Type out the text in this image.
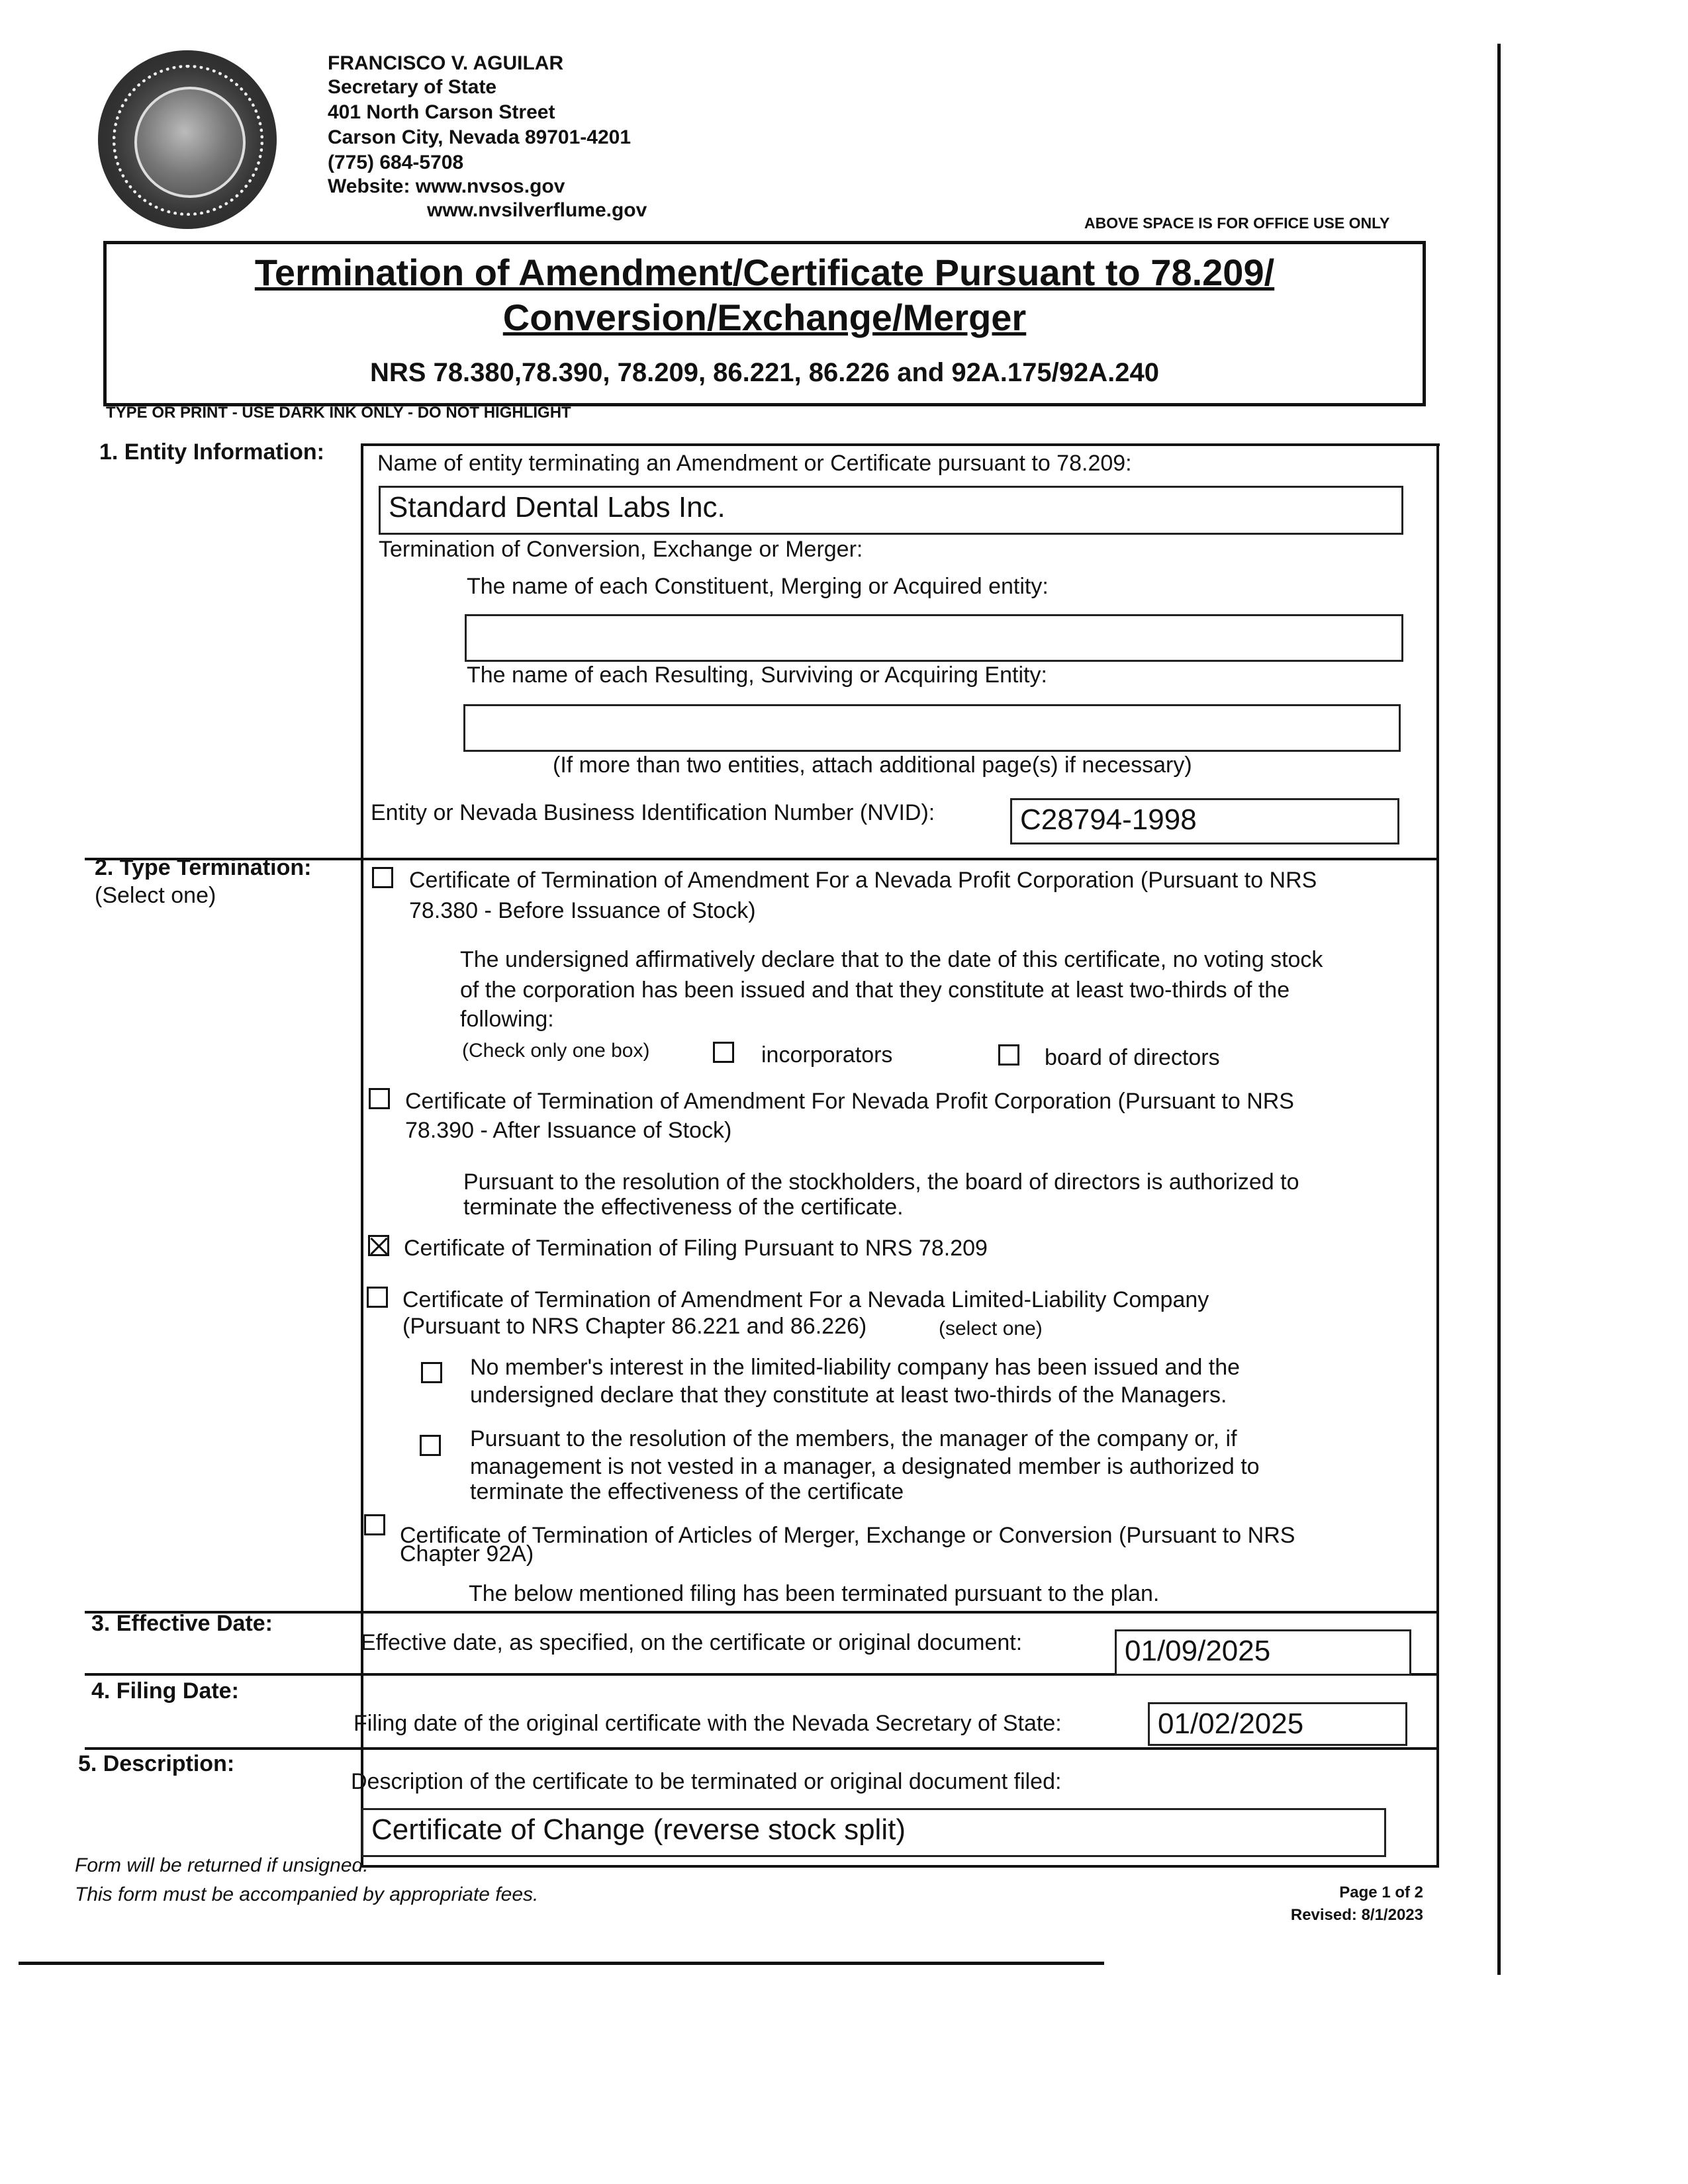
FRANCISCO V. AGUILAR
Secretary of State
401 North Carson Street
Carson City, Nevada 89701-4201
(775) 684-5708
Website: www.nvsos.gov
www.nvsilverflume.gov
ABOVE SPACE IS FOR OFFICE USE ONLY
Termination of Amendment/Certificate Pursuant to 78.209/
Conversion/Exchange/Merger
NRS 78.380,78.390, 78.209, 86.221, 86.226 and 92A.175/92A.240
TYPE OR PRINT - USE DARK INK ONLY - DO NOT HIGHLIGHT
1. Entity Information: Name of entity terminating an Amendment or Certificate pursuant to 78.209:
Standard Dental Labs Inc.
Termination of Conversion, Exchange or Merger:
The name of each Constituent, Merging or Acquired entity:
The name of each Resulting, Surviving or Acquiring Entity:
(If more than two entities, attach additional page(s) if necessary)
Entity or Nevada Business Identification Number (NVID):	C28794-1998
2. Type Termination:
(Select one)
Certificate of Termination of Amendment For a Nevada Profit Corporation (Pursuant to NRS
78.380 - Before Issuance of Stock)
The undersigned affirmatively declare that to the date of this certificate, no voting stock
of the corporation has been issued and that they constitute at least two-thirds of the
following:
(Check only one box)	incorporators	board of directors
Certificate of Termination of Amendment For Nevada Profit Corporation (Pursuant to NRS
78.390 - After Issuance of Stock)
Pursuant to the resolution of the stockholders, the board of directors is authorized to
terminate the effectiveness of the certificate.
Certificate of Termination of Filing Pursuant to NRS 78.209
Certificate of Termination of Amendment For a Nevada Limited-Liability Company
(Pursuant to NRS Chapter 86.221 and 86.226)	(select one)
No member's interest in the limited-liability company has been issued and the
undersigned declare that they constitute at least two-thirds of the Managers.
Pursuant to the resolution of the members, the manager of the company or, if
management is not vested in a manager, a designated member is authorized to
terminate the effectiveness of the certificate
Certificate of Termination of Articles of Merger, Exchange or Conversion (Pursuant to NRS
Chapter 92A)
The below mentioned filing has been terminated pursuant to the plan.
3. Effective Date:
Effective date, as specified, on the certificate or original document:	01/09/2025
4. Filing Date:
Filing date of the original certificate with the Nevada Secretary of State:	01/02/2025
5. Description:
Description of the certificate to be terminated or original document filed:
Certificate of Change (reverse stock split)
Form will be returned if unsigned.
This form must be accompanied by appropriate fees.	Page 1 of 2
Revised: 8/1/2023
